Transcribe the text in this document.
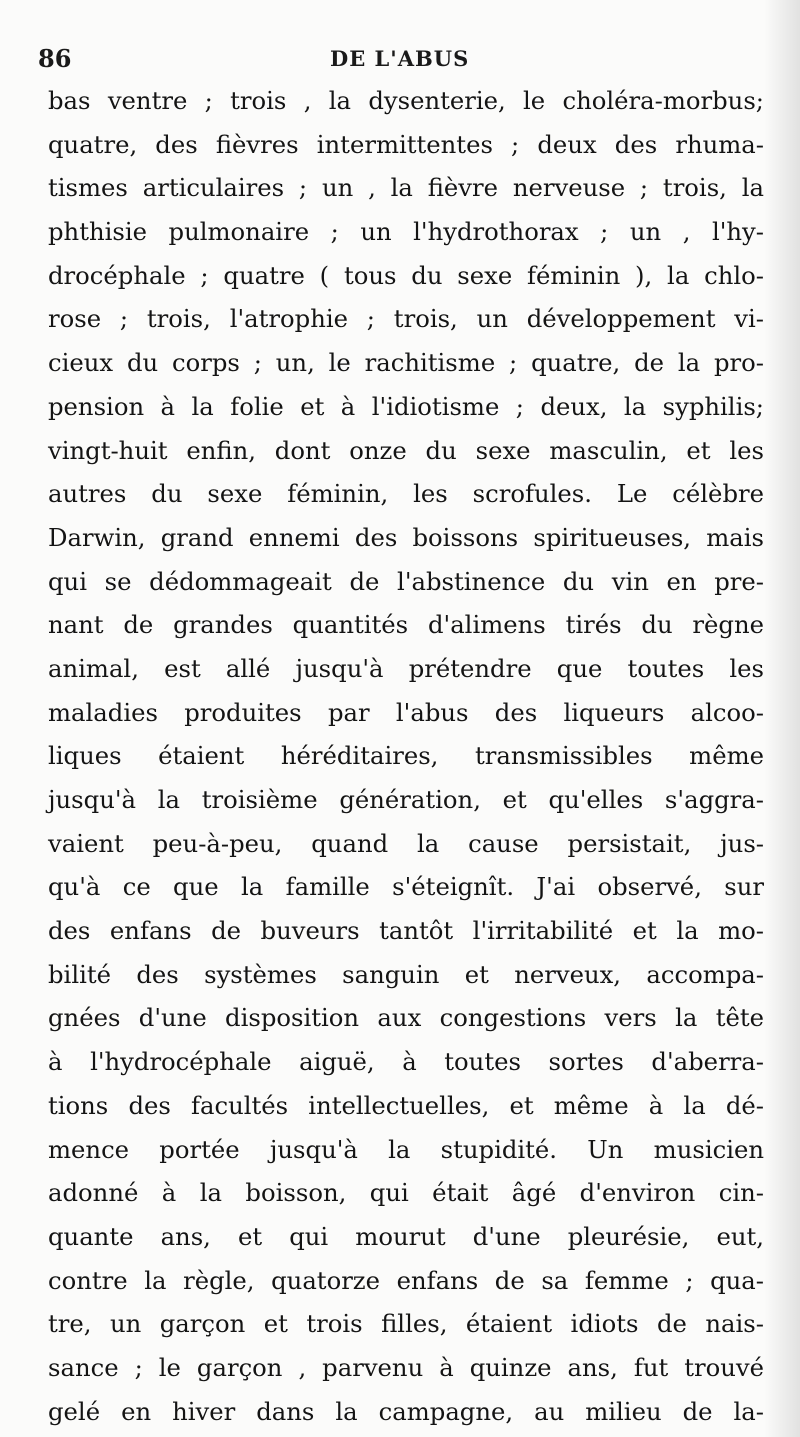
86	DE L'ABUS
bas ventre ; trois , la dysenterie, le choléra-morbus;
quatre, des fièvres intermittentes ; deux des rhuma-
tismes articulaires ; un , la fièvre nerveuse ; trois, la
phthisie pulmonaire ; un l'hydrothorax ; un , l'hy-
drocéphale ; quatre ( tous du sexe féminin ), la chlo-
rose ; trois, l'atrophie ; trois, un développement vi-
cieux du corps ; un, le rachitisme ; quatre, de la pro-
pension à la folie et à l'idiotisme ; deux, la syphilis;
vingt-huit enfin, dont onze du sexe masculin, et les
autres du sexe féminin, les scrofules. Le célèbre
Darwin, grand ennemi des boissons spiritueuses, mais
qui se dédommageait de l'abstinence du vin en pre-
nant de grandes quantités d'alimens tirés du règne
animal, est allé jusqu'à prétendre que toutes les
maladies produites par l'abus des liqueurs alcoo-
liques étaient héréditaires, transmissibles même
jusqu'à la troisième génération, et qu'elles s'aggra-
vaient peu-à-peu, quand la cause persistait, jus-
qu'à ce que la famille s'éteignît. J'ai observé, sur
des enfans de buveurs tantôt l'irritabilité et la mo-
bilité des systèmes sanguin et nerveux, accompa-
gnées d'une disposition aux congestions vers la tête
à l'hydrocéphale aiguë, à toutes sortes d'aberra-
tions des facultés intellectuelles, et même à la dé-
mence portée jusqu'à la stupidité. Un musicien
adonné à la boisson, qui était âgé d'environ cin-
quante ans, et qui mourut d'une pleurésie, eut,
contre la règle, quatorze enfans de sa femme ; qua-
tre, un garçon et trois filles, étaient idiots de nais-
sance ; le garçon , parvenu à quinze ans, fut trouvé
gelé en hiver dans la campagne, au milieu de la-
